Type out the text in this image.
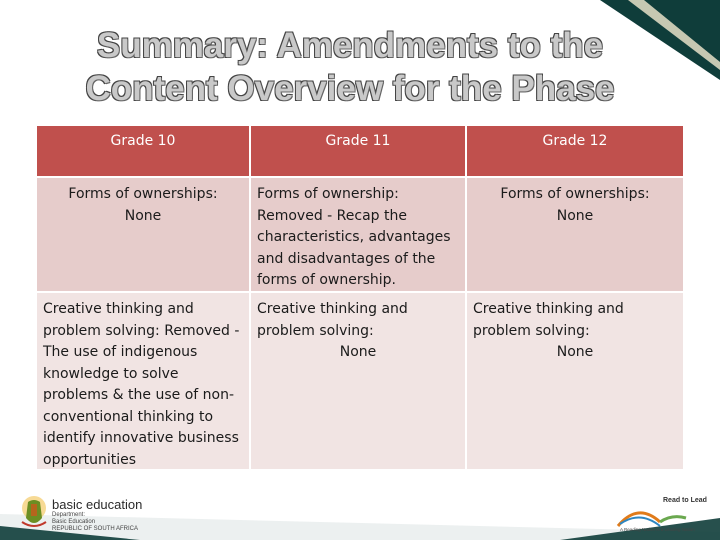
Summary: Amendments to the
Content Overview for the Phase
Grade 10	Grade 11	Grade 12
Forms of ownerships:
None
Forms of ownership:
Removed - Recap the characteristics, advantages and disadvantages of the forms of ownership.
Forms of ownerships:
None
Creative thinking and problem solving: Removed - The use of indigenous knowledge to solve problems & the use of non-conventional thinking to identify innovative business opportunities
Creative thinking and problem solving:
None
Creative thinking and problem solving:
None
basic education
Department:
Basic Education
REPUBLIC OF SOUTH AFRICA
Read to Lead
A Reading Nation is a Leading Nation
